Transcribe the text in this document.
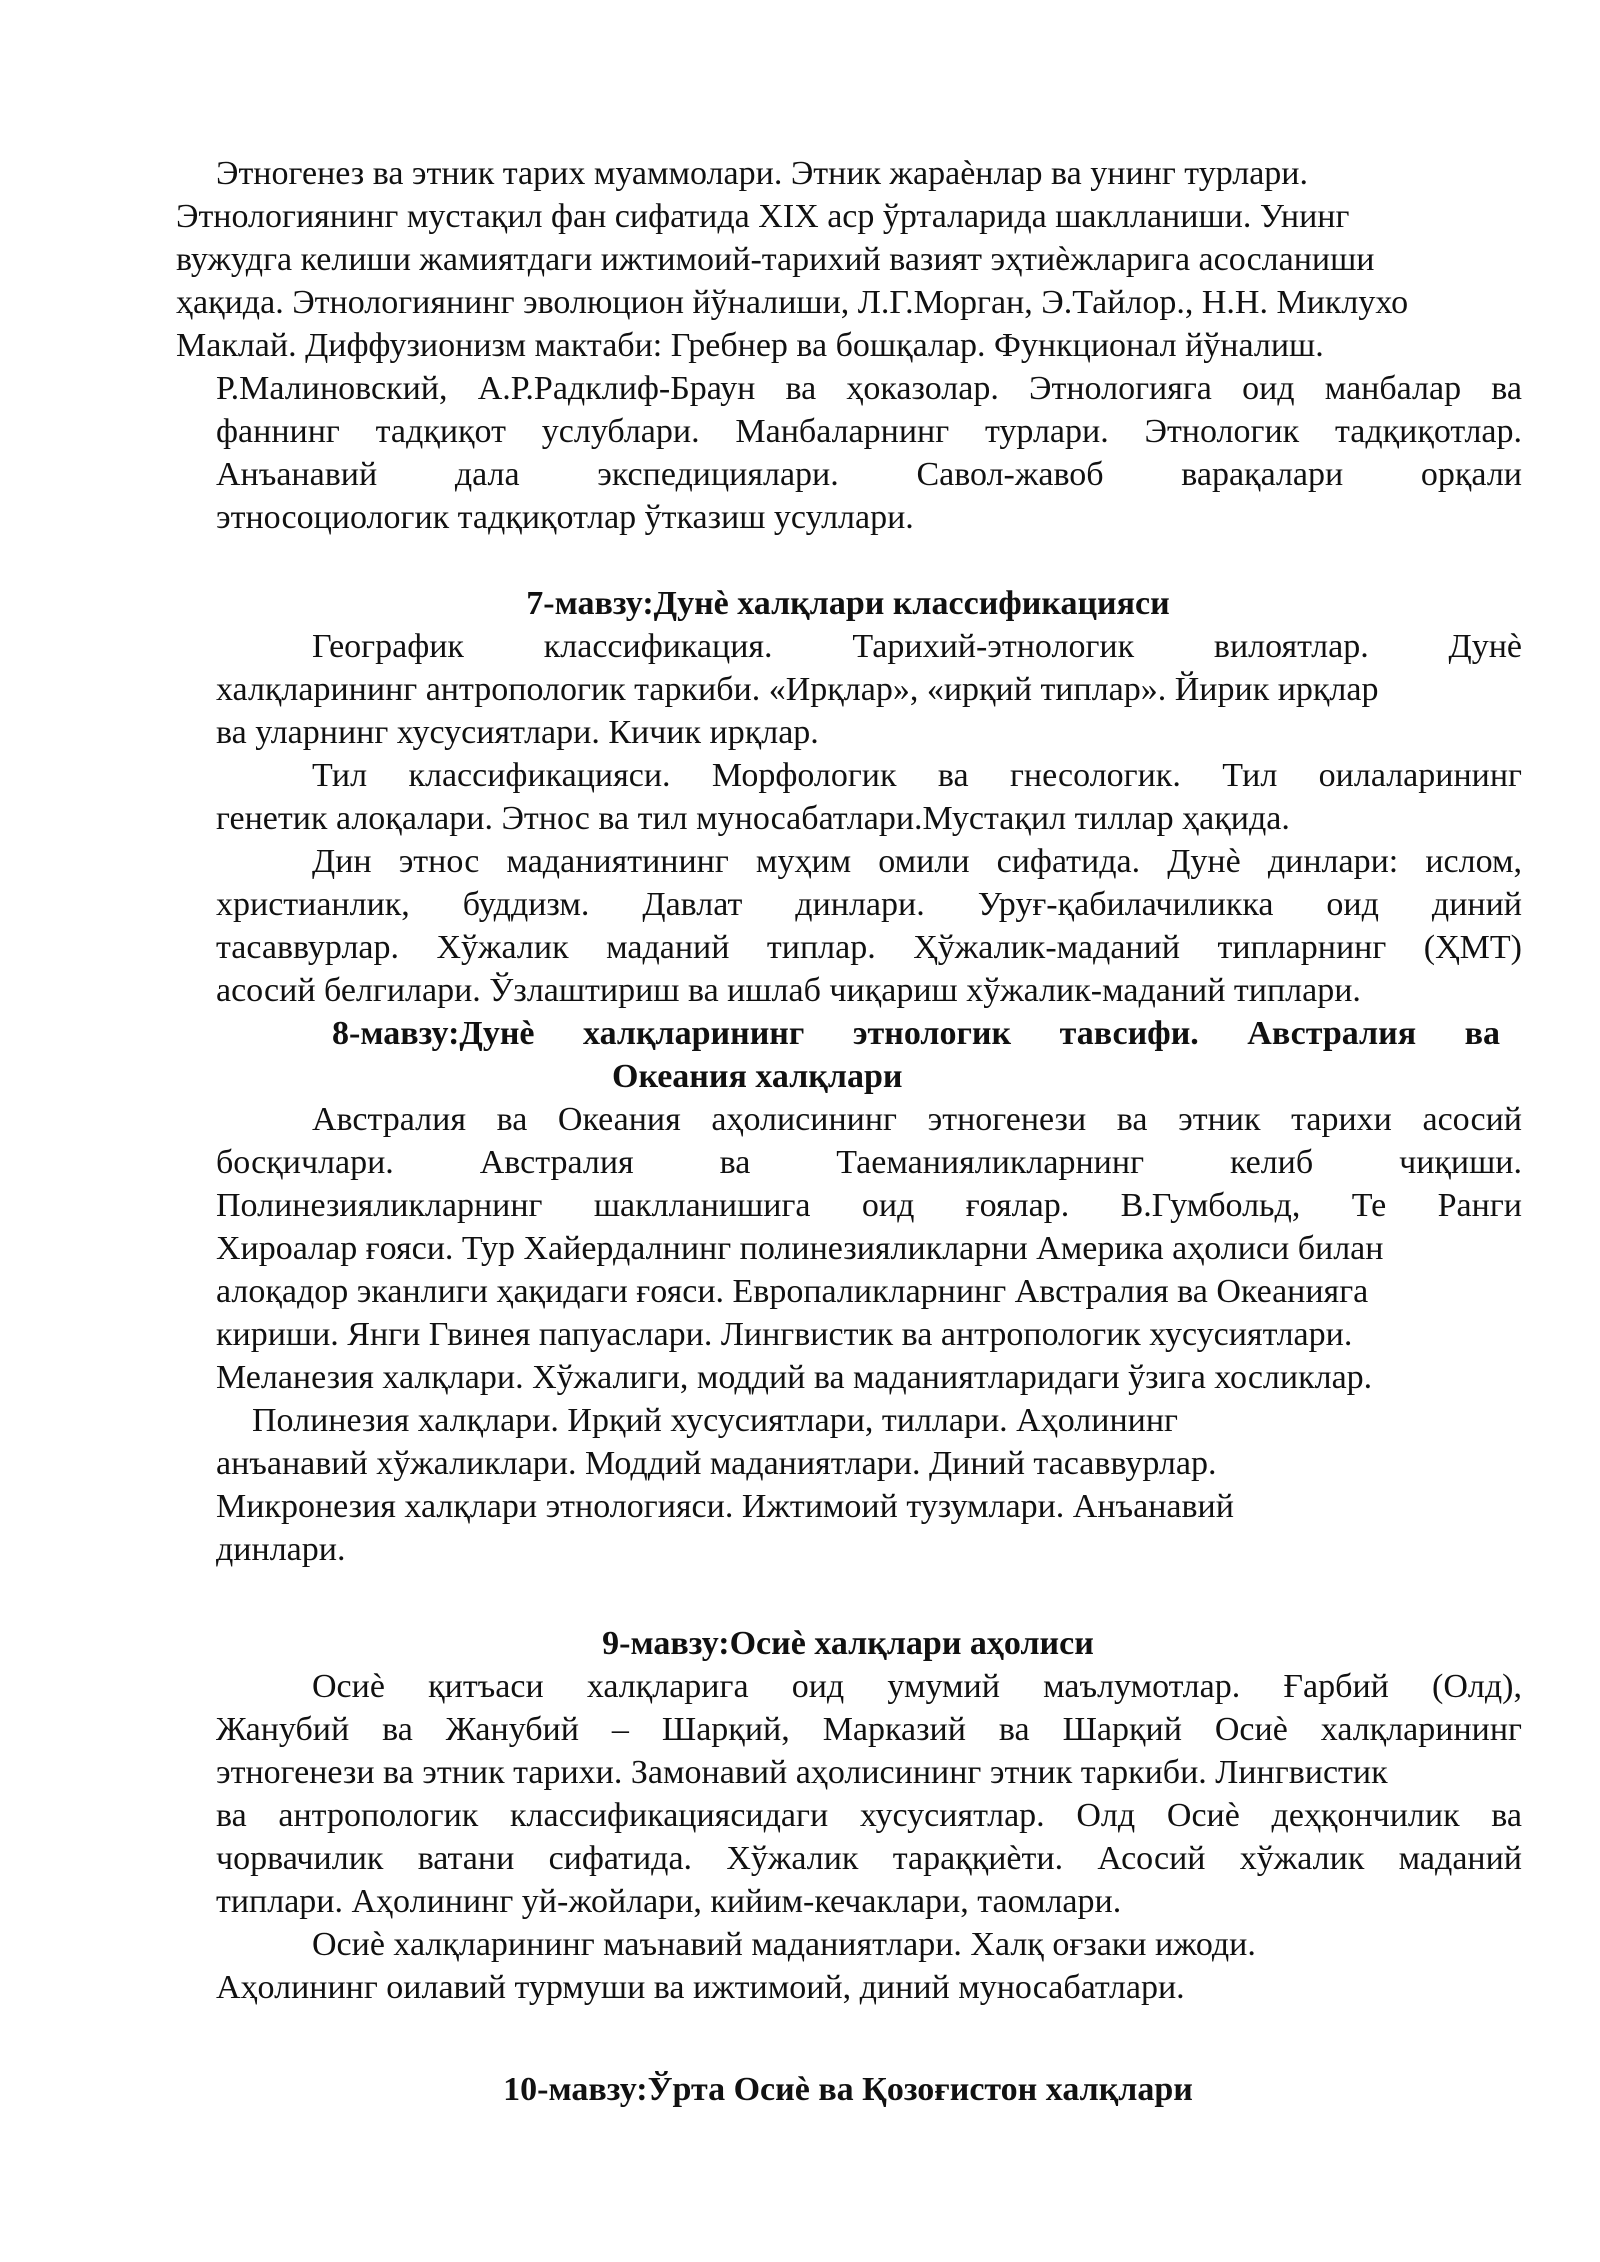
Этногенез ва этник тарих муаммолари. Этник жараѐнлар ва унинг турлари.

Этнологиянинг мустақил фан сифатида XIX аср ўрталарида шаклланиши. Унинг

вужудга келиши жамиятдаги ижтимоий-тарихий вазият эҳтиѐжларига асосланиши

ҳақида. Этнологиянинг эволюцион йўналиши, Л.Г.Морган, Э.Тайлор., Н.Н. Миклухо

Маклай. Диффузионизм мактаби: Гребнер ва бошқалар. Функционал йўналиш.

Р.Малиновский, А.Р.Радклиф-Браун ва ҳоказолар. Этнологияга оид манбалар ва

фаннинг тадқиқот услублари. Манбаларнинг турлари. Этнологик тадқиқотлар.

Анъанавий дала экспедициялари. Савол-жавоб варақалари орқали

этносоциологик тадқиқотлар ўтказиш усуллари.

7-мавзу:Дунѐ халқлари классификацияси

Географик классификация. Тарихий-этнологик вилоятлар. Дунѐ

халқларининг антропологик таркиби. «Ирқлар», «ирқий типлар». Йирик ирқлар

ва уларнинг хусусиятлари. Кичик ирқлар.

Тил классификацияси. Морфологик ва гнесологик. Тил оилаларининг

генетик алоқалари. Этнос ва тил муносабатлари.Мустақил тиллар ҳақида.

Дин этнос маданиятининг муҳим омили сифатида. Дунѐ динлари: ислом,

христианлик, буддизм. Давлат динлари. Уруғ-қабилачиликка оид диний

тасаввурлар. Хўжалик маданий типлар. Ҳўжалик-маданий типларнинг (ҲМТ)

асосий белгилари. Ўзлаштириш ва ишлаб чиқариш хўжалик-маданий типлари.

8-мавзу:Дунѐ халқларининг этнологик тавсифи. Австралия ва
Океания халқлари

Австралия ва Океания аҳолисининг этногенези ва этник тарихи асосий

босқичлари. Австралия ва Таеманияликларнинг келиб чиқиши.

Полинезияликларнинг шаклланишига оид ғоялар. В.Гумбольд, Те Ранги

Хироалар ғояси. Тур Хайердалнинг полинезияликларни Америка аҳолиси билан

алоқадор эканлиги ҳақидаги ғояси. Европаликларнинг Австралия ва Океанияга

кириши. Янги Гвинея папуаслари. Лингвистик ва антропологик хусусиятлари.

Меланезия халқлари. Хўжалиги, моддий ва маданиятларидаги ўзига хосликлар.

Полинезия халқлари. Ирқий хусусиятлари, тиллари. Аҳолининг

анъанавий хўжаликлари. Моддий маданиятлари. Диний тасаввурлар.

Микронезия халқлари этнологияси. Ижтимоий тузумлари. Анъанавий

динлари.

9-мавзу:Осиѐ халқлари аҳолиси

Осиѐ қитъаси халқларига оид умумий маълумотлар. Ғарбий (Олд),

Жанубий ва Жанубий – Шарқий, Марказий ва Шарқий Осиѐ халқларининг

этногенези ва этник тарихи. Замонавий аҳолисининг этник таркиби. Лингвистик

ва антропологик классификациясидаги хусусиятлар. Олд Осиѐ деҳқончилик ва

чорвачилик ватани сифатида. Хўжалик тараққиѐти. Асосий хўжалик маданий

типлари. Аҳолининг уй-жойлари, кийим-кечаклари, таомлари.

Осиѐ халқларининг маънавий маданиятлари. Халқ оғзаки ижоди.

Аҳолининг оилавий турмуши ва ижтимоий, диний муносабатлари.

10-мавзу:Ўрта Осиѐ ва Қозоғистон халқлари
